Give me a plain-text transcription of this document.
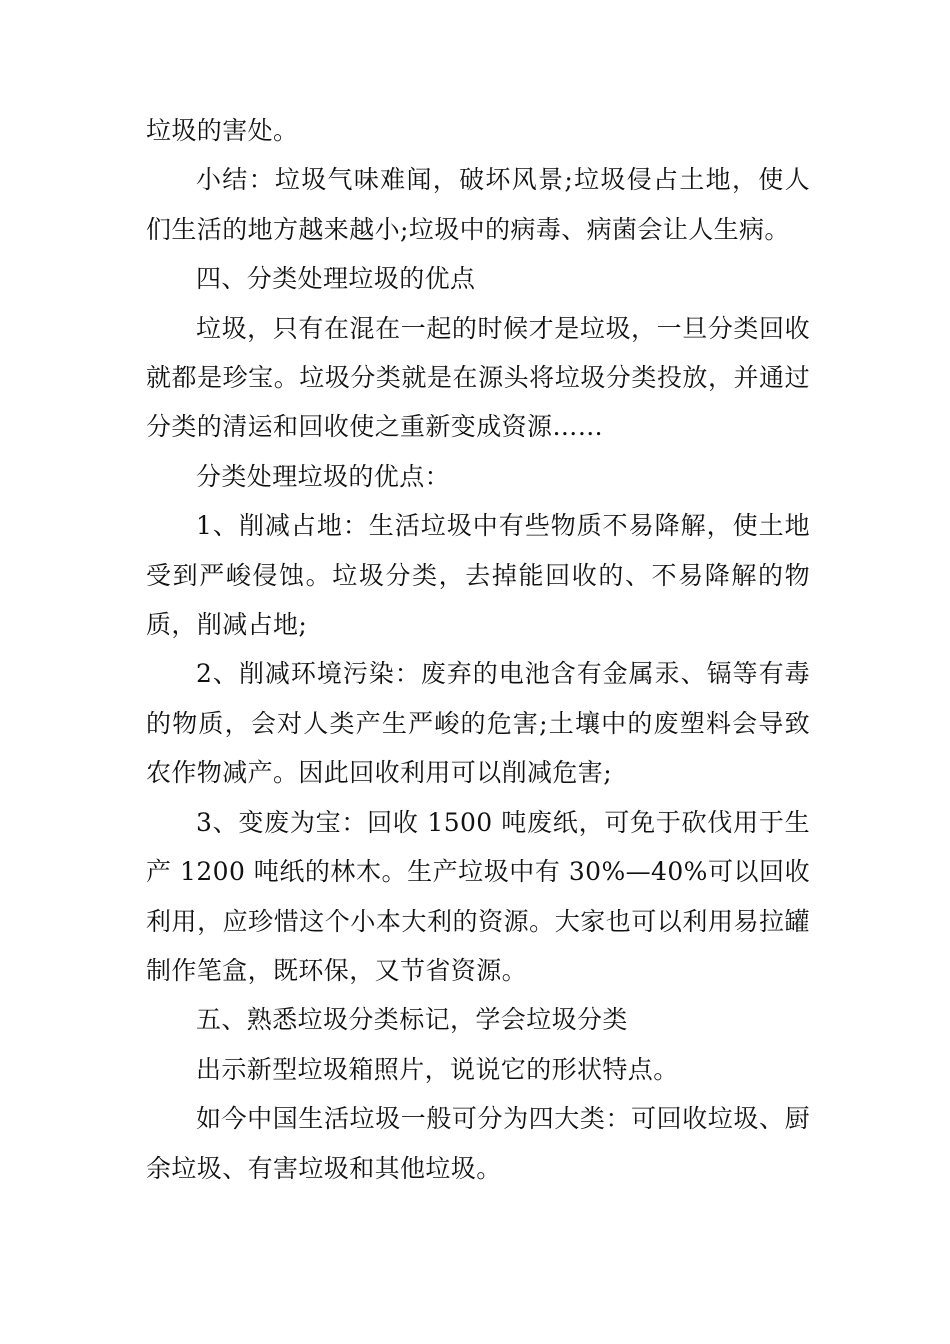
垃圾的害处。

小结：垃圾气味难闻，破坏风景;垃圾侵占土地，使人们生活的地方越来越小;垃圾中的病毒、病菌会让人生病。

四、分类处理垃圾的优点

垃圾，只有在混在一起的时候才是垃圾，一旦分类回收就都是珍宝。垃圾分类就是在源头将垃圾分类投放，并通过分类的清运和回收使之重新变成资源……

分类处理垃圾的优点：

1、削减占地：生活垃圾中有些物质不易降解，使土地受到严峻侵蚀。垃圾分类，去掉能回收的、不易降解的物质，削减占地;

2、削减环境污染：废弃的电池含有金属汞、镉等有毒的物质，会对人类产生严峻的危害;土壤中的废塑料会导致农作物减产。因此回收利用可以削减危害;

3、变废为宝：回收 1500 吨废纸，可免于砍伐用于生产 1200 吨纸的林木。生产垃圾中有 30%—40%可以回收利用，应珍惜这个小本大利的资源。大家也可以利用易拉罐制作笔盒，既环保，又节省资源。

五、熟悉垃圾分类标记，学会垃圾分类

出示新型垃圾箱照片，说说它的形状特点。

如今中国生活垃圾一般可分为四大类：可回收垃圾、厨余垃圾、有害垃圾和其他垃圾。
